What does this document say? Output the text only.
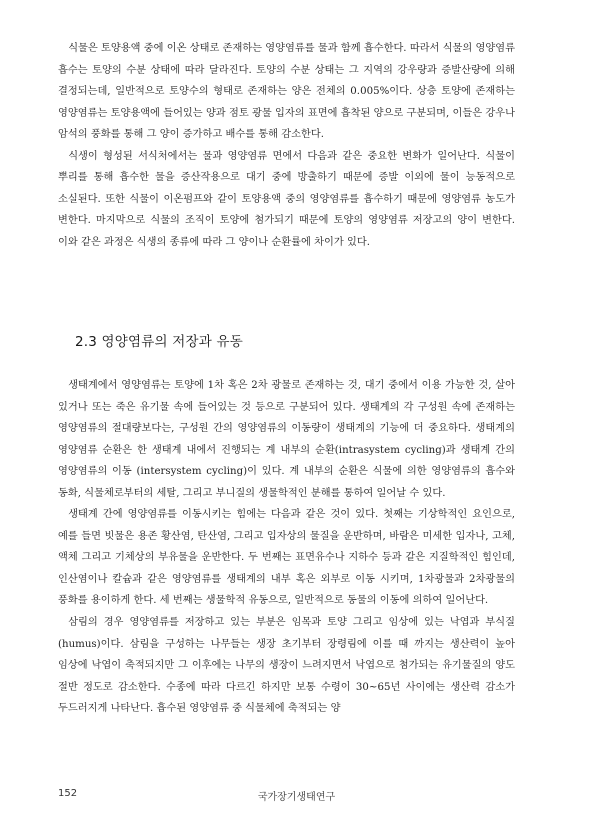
식물은 토양용액 중에 이온 상태로 존재하는 영양염류를 물과 함께 흡수한다. 따라서 식물의 영양염류 흡수는 토양의 수분 상태에 따라 달라진다. 토양의 수분 상태는 그 지역의 강우량과 증발산량에 의해 결정되는데, 일반적으로 토양수의 형태로 존재하는 양은 전체의 0.005%이다. 상층 토양에 존재하는 영양염류는 토양용액에 들어있는 양과 점토 광물 입자의 표면에 흡착된 양으로 구분되며, 이들은 강우나 암석의 풍화를 통해 그 양이 증가하고 배수를 통해 감소한다.

식생이 형성된 서식처에서는 물과 영양염류 면에서 다음과 같은 중요한 변화가 일어난다. 식물이 뿌리를 통해 흡수한 물을 증산작용으로 대기 중에 방출하기 때문에 증발 이외에 물이 능동적으로 소실된다. 또한 식물이 이온펌프와 같이 토양용액 중의 영양염류를 흡수하기 때문에 영양염류 농도가 변한다. 마지막으로 식물의 조직이 토양에 첨가되기 때문에 토양의 영양염류 저장고의 양이 변한다. 이와 같은 과정은 식생의 종류에 따라 그 양이나 순환률에 차이가 있다.

2.3 영양염류의 저장과 유동

생태계에서 영양염류는 토양에 1차 혹은 2차 광물로 존재하는 것, 대기 중에서 이용 가능한 것, 살아 있거나 또는 죽은 유기물 속에 들어있는 것 등으로 구분되어 있다. 생태계의 각 구성원 속에 존재하는 영양염류의 절대량보다는, 구성원 간의 영양염류의 이동량이 생태계의 기능에 더 중요하다. 생태계의 영양염류 순환은 한 생태계 내에서 진행되는 계 내부의 순환(intrasystem cycling)과 생태계 간의 영양염류의 이동 (intersystem cycling)이 있다. 계 내부의 순환은 식물에 의한 영양염류의 흡수와 동화, 식물체로부터의 세탈, 그리고 부니질의 생물학적인 분해를 통하여 일어날 수 있다.

생태계 간에 영양염류를 이동시키는 힘에는 다음과 같은 것이 있다. 첫째는 기상학적인 요인으로, 예를 들면 빗물은 용존 황산염, 탄산염, 그리고 입자상의 물질을 운반하며, 바람은 미세한 입자나, 고체, 액체 그리고 기체상의 부유물을 운반한다. 두 번째는 표면유수나 지하수 등과 같은 지질학적인 힘인데, 인산염이나 칼슘과 같은 영양염류를 생태계의 내부 혹은 외부로 이동 시키며, 1차광물과 2차광물의 풍화를 용이하게 한다. 세 번째는 생물학적 유동으로, 일반적으로 동물의 이동에 의하여 일어난다.

삼림의 경우 영양염류를 저장하고 있는 부분은 임목과 토양 그리고 임상에 있는 낙엽과 부식질 (humus)이다. 삼림을 구성하는 나무들는 생장 초기부터 장령림에 이를 때 까지는 생산력이 높아 임상에 낙엽이 축적되지만 그 이후에는 나무의 생장이 느려지면서 낙엽으로 첨가되는 유기물질의 양도 절반 정도로 감소한다. 수종에 따라 다르긴 하지만 보통 수령이 30~65년 사이에는 생산력 감소가 두드러지게 나타난다. 흡수된 영양염류 중 식물체에 축적되는 양

152	국가장기생태연구
